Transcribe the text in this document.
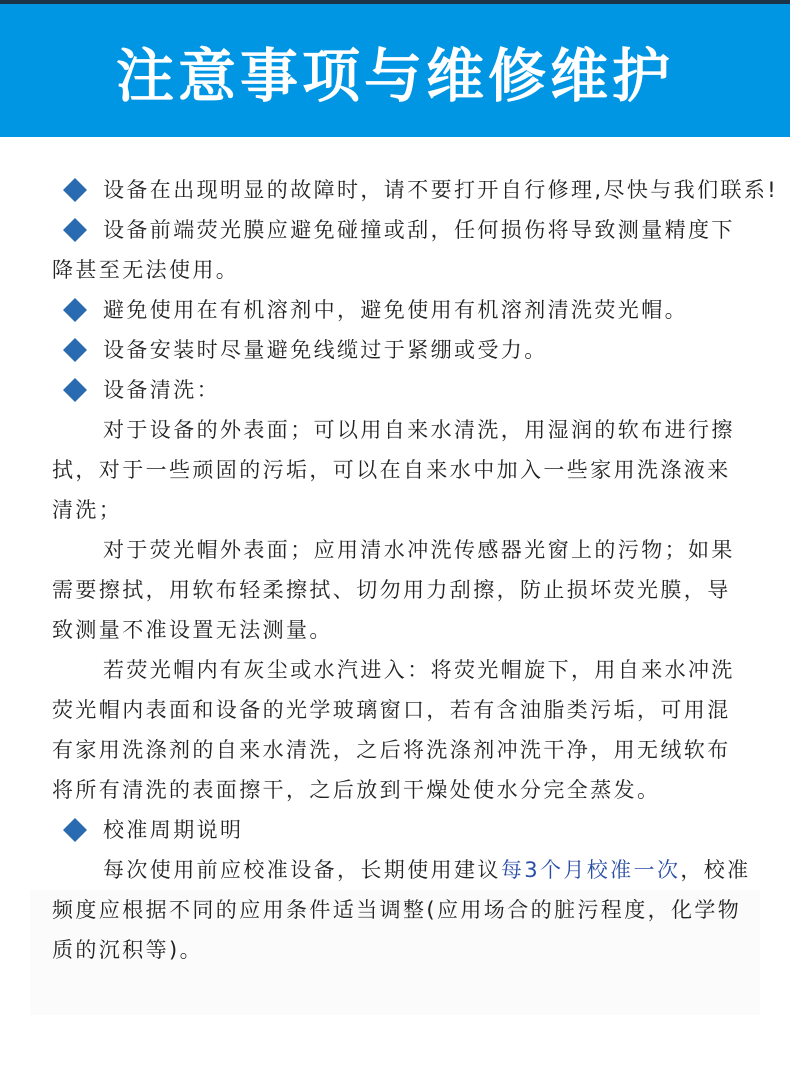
注意事项与维修维护
设备在出现明显的故障时，请不要打开自行修理,尽快与我们联系!
设备前端荧光膜应避免碰撞或刮，任何损伤将导致测量精度下
降甚至无法使用。
避免使用在有机溶剂中，避免使用有机溶剂清洗荧光帽。
设备安装时尽量避免线缆过于紧绷或受力。
设备清洗：
对于设备的外表面；可以用自来水清洗，用湿润的软布进行擦
拭，对于一些顽固的污垢，可以在自来水中加入一些家用洗涤液来
清洗；
对于荧光帽外表面；应用清水冲洗传感器光窗上的污物；如果
需要擦拭，用软布轻柔擦拭、切勿用力刮擦，防止损坏荧光膜，导
致测量不准设置无法测量。
若荧光帽内有灰尘或水汽进入：将荧光帽旋下，用自来水冲洗
荧光帽内表面和设备的光学玻璃窗口，若有含油脂类污垢，可用混
有家用洗涤剂的自来水清洗，之后将洗涤剂冲洗干净，用无绒软布
将所有清洗的表面擦干，之后放到干燥处使水分完全蒸发。
校准周期说明
每次使用前应校准设备，长期使用建议每3个月校准一次，校准
频度应根据不同的应用条件适当调整(应用场合的脏污程度，化学物
质的沉积等)。
